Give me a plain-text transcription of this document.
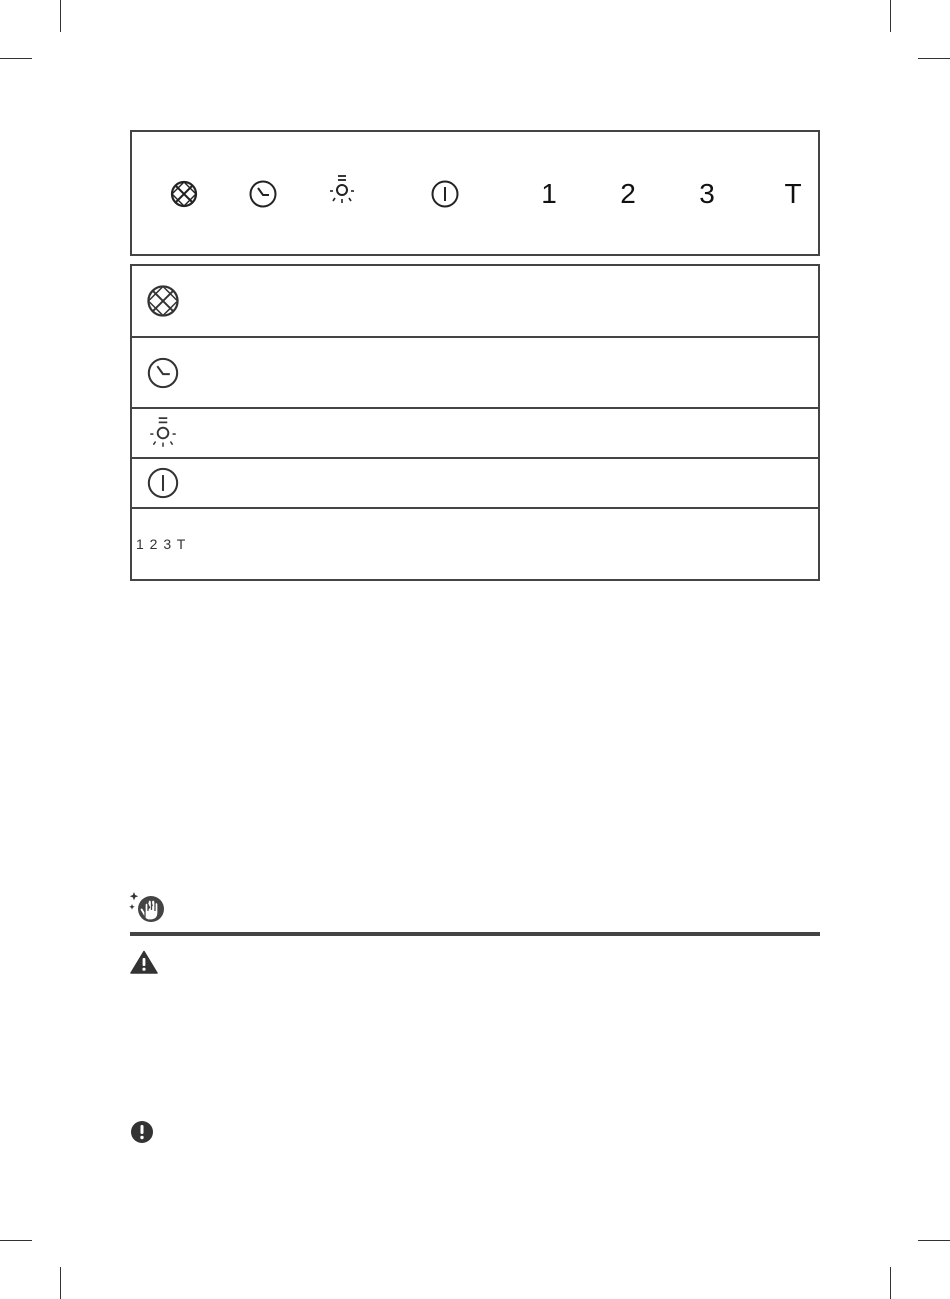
1 2 3 T
1 2 3 T
